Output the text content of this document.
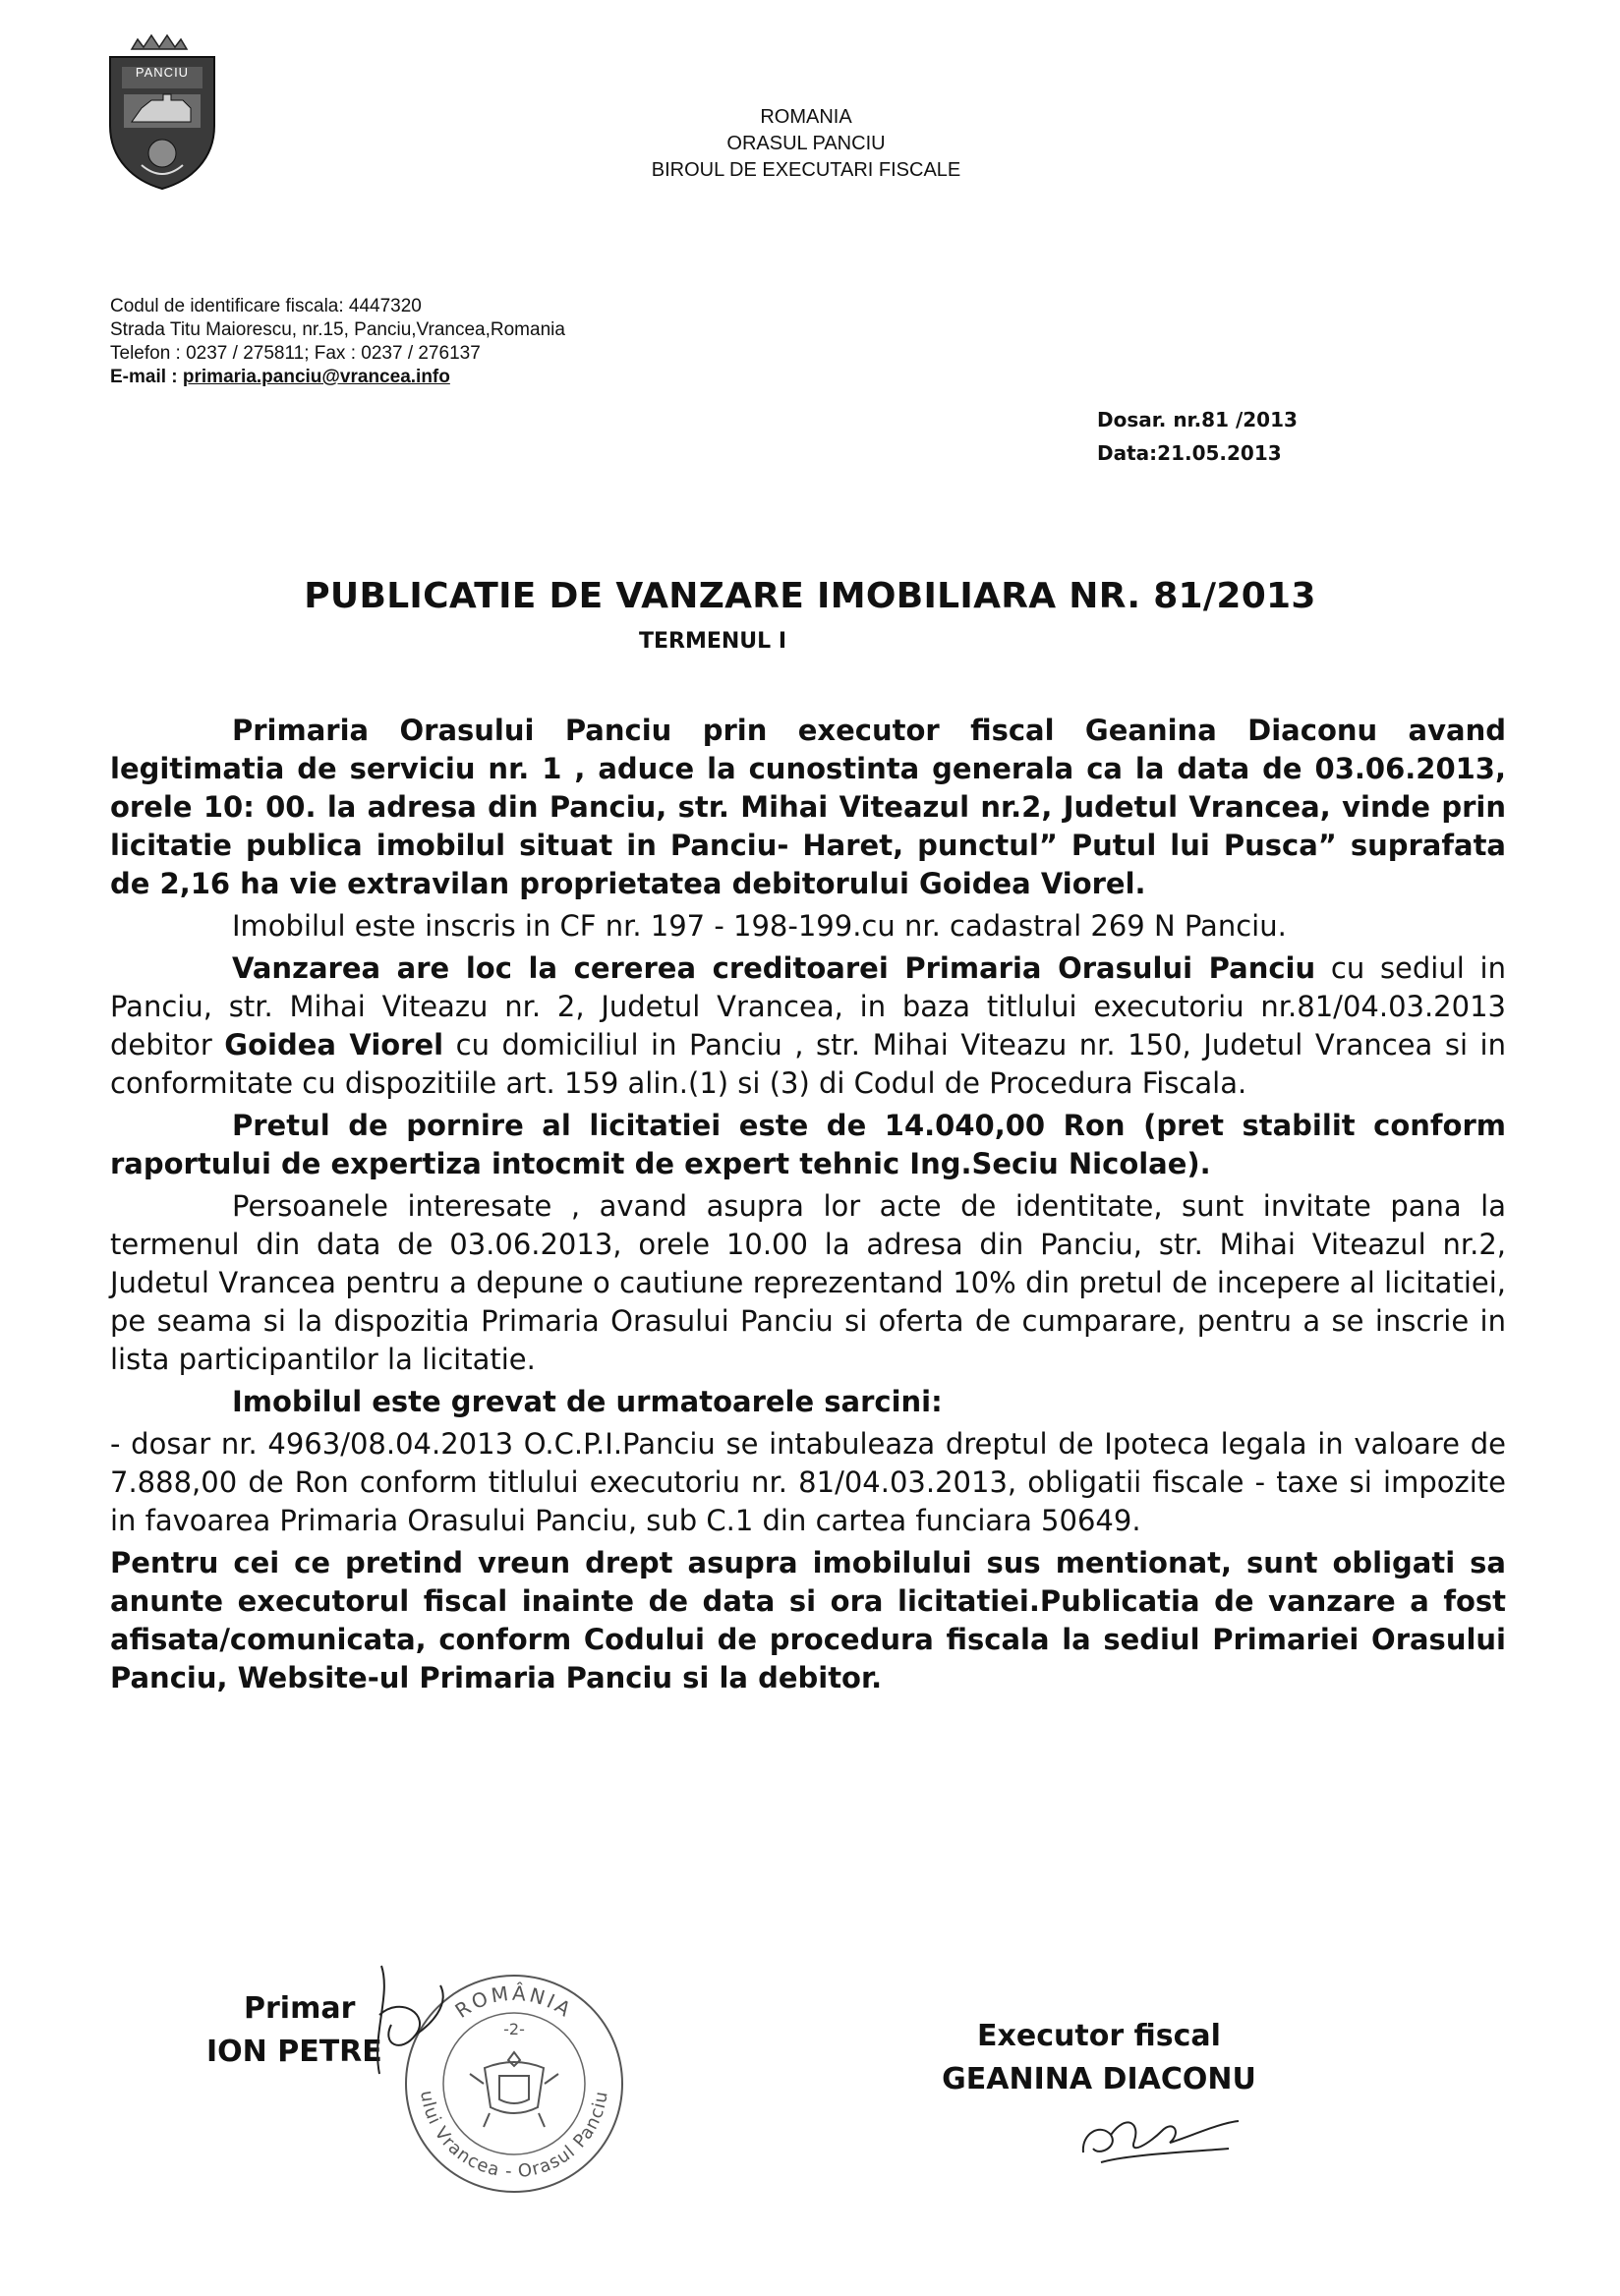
PANCIU
ROMANIA
ORASUL PANCIU
BIROUL DE EXECUTARI FISCALE
Codul de identificare fiscala: 4447320
Strada Titu Maiorescu, nr.15, Panciu,Vrancea,Romania
Telefon : 0237 / 275811; Fax : 0237 / 276137
E-mail : primaria.panciu@vrancea.info
Dosar. nr.81 /2013
Data:21.05.2013
PUBLICATIE DE VANZARE IMOBILIARA NR. 81/2013
TERMENUL I

Primaria Orasului Panciu prin executor fiscal Geanina Diaconu avand legitimatia de serviciu nr. 1 , aduce la cunostinta generala ca la data de 03.06.2013, orele 10: 00. la adresa din Panciu, str. Mihai Viteazul nr.2, Judetul Vrancea, vinde prin licitatie publica imobilul situat in Panciu- Haret, punctul” Putul lui Pusca” suprafata de 2,16 ha vie extravilan proprietatea debitorului Goidea Viorel.

Imobilul este inscris in CF nr. 197 - 198-199.cu nr. cadastral 269 N Panciu.

Vanzarea are loc la cererea creditoarei Primaria Orasului Panciu cu sediul in Panciu, str. Mihai Viteazu nr. 2, Judetul Vrancea, in baza titlului executoriu nr.81/04.03.2013 debitor Goidea Viorel cu domiciliul in Panciu , str. Mihai Viteazu nr. 150, Judetul Vrancea si in conformitate cu dispozitiile art. 159 alin.(1) si (3) di Codul de Procedura Fiscala.

Pretul de pornire al licitatiei este de 14.040,00 Ron (pret stabilit conform raportului de expertiza intocmit de expert tehnic Ing.Seciu Nicolae).

Persoanele interesate , avand asupra lor acte de identitate, sunt invitate pana la termenul din data de 03.06.2013, orele 10.00 la adresa din Panciu, str. Mihai Viteazul nr.2, Judetul Vrancea pentru a depune o cautiune reprezentand 10% din pretul de incepere al licitatiei, pe seama si la dispozitia Primaria Orasului Panciu si oferta de cumparare, pentru a se inscrie in lista participantilor la licitatie.

Imobilul este grevat de urmatoarele sarcini:

- dosar nr. 4963/08.04.2013 O.C.P.I.Panciu se intabuleaza dreptul de Ipoteca legala in valoare de 7.888,00 de Ron conform titlului executoriu nr. 81/04.03.2013, obligatii fiscale - taxe si impozite in favoarea Primaria Orasului Panciu, sub C.1 din cartea funciara 50649.

Pentru cei ce pretind vreun drept asupra imobilului sus mentionat, sunt obligati sa anunte executorul fiscal inainte de data si ora licitatiei.Publicatia de vanzare a fost afisata/comunicata, conform Codului de procedura fiscala la sediul Primariei Orasului Panciu, Website-ul Primaria Panciu si la debitor.

Primar
ION PETRE
ROMÂNIA
-2-
ului Vrancea - Orasul Panciu
Executor fiscal
GEANINA DIACONU
